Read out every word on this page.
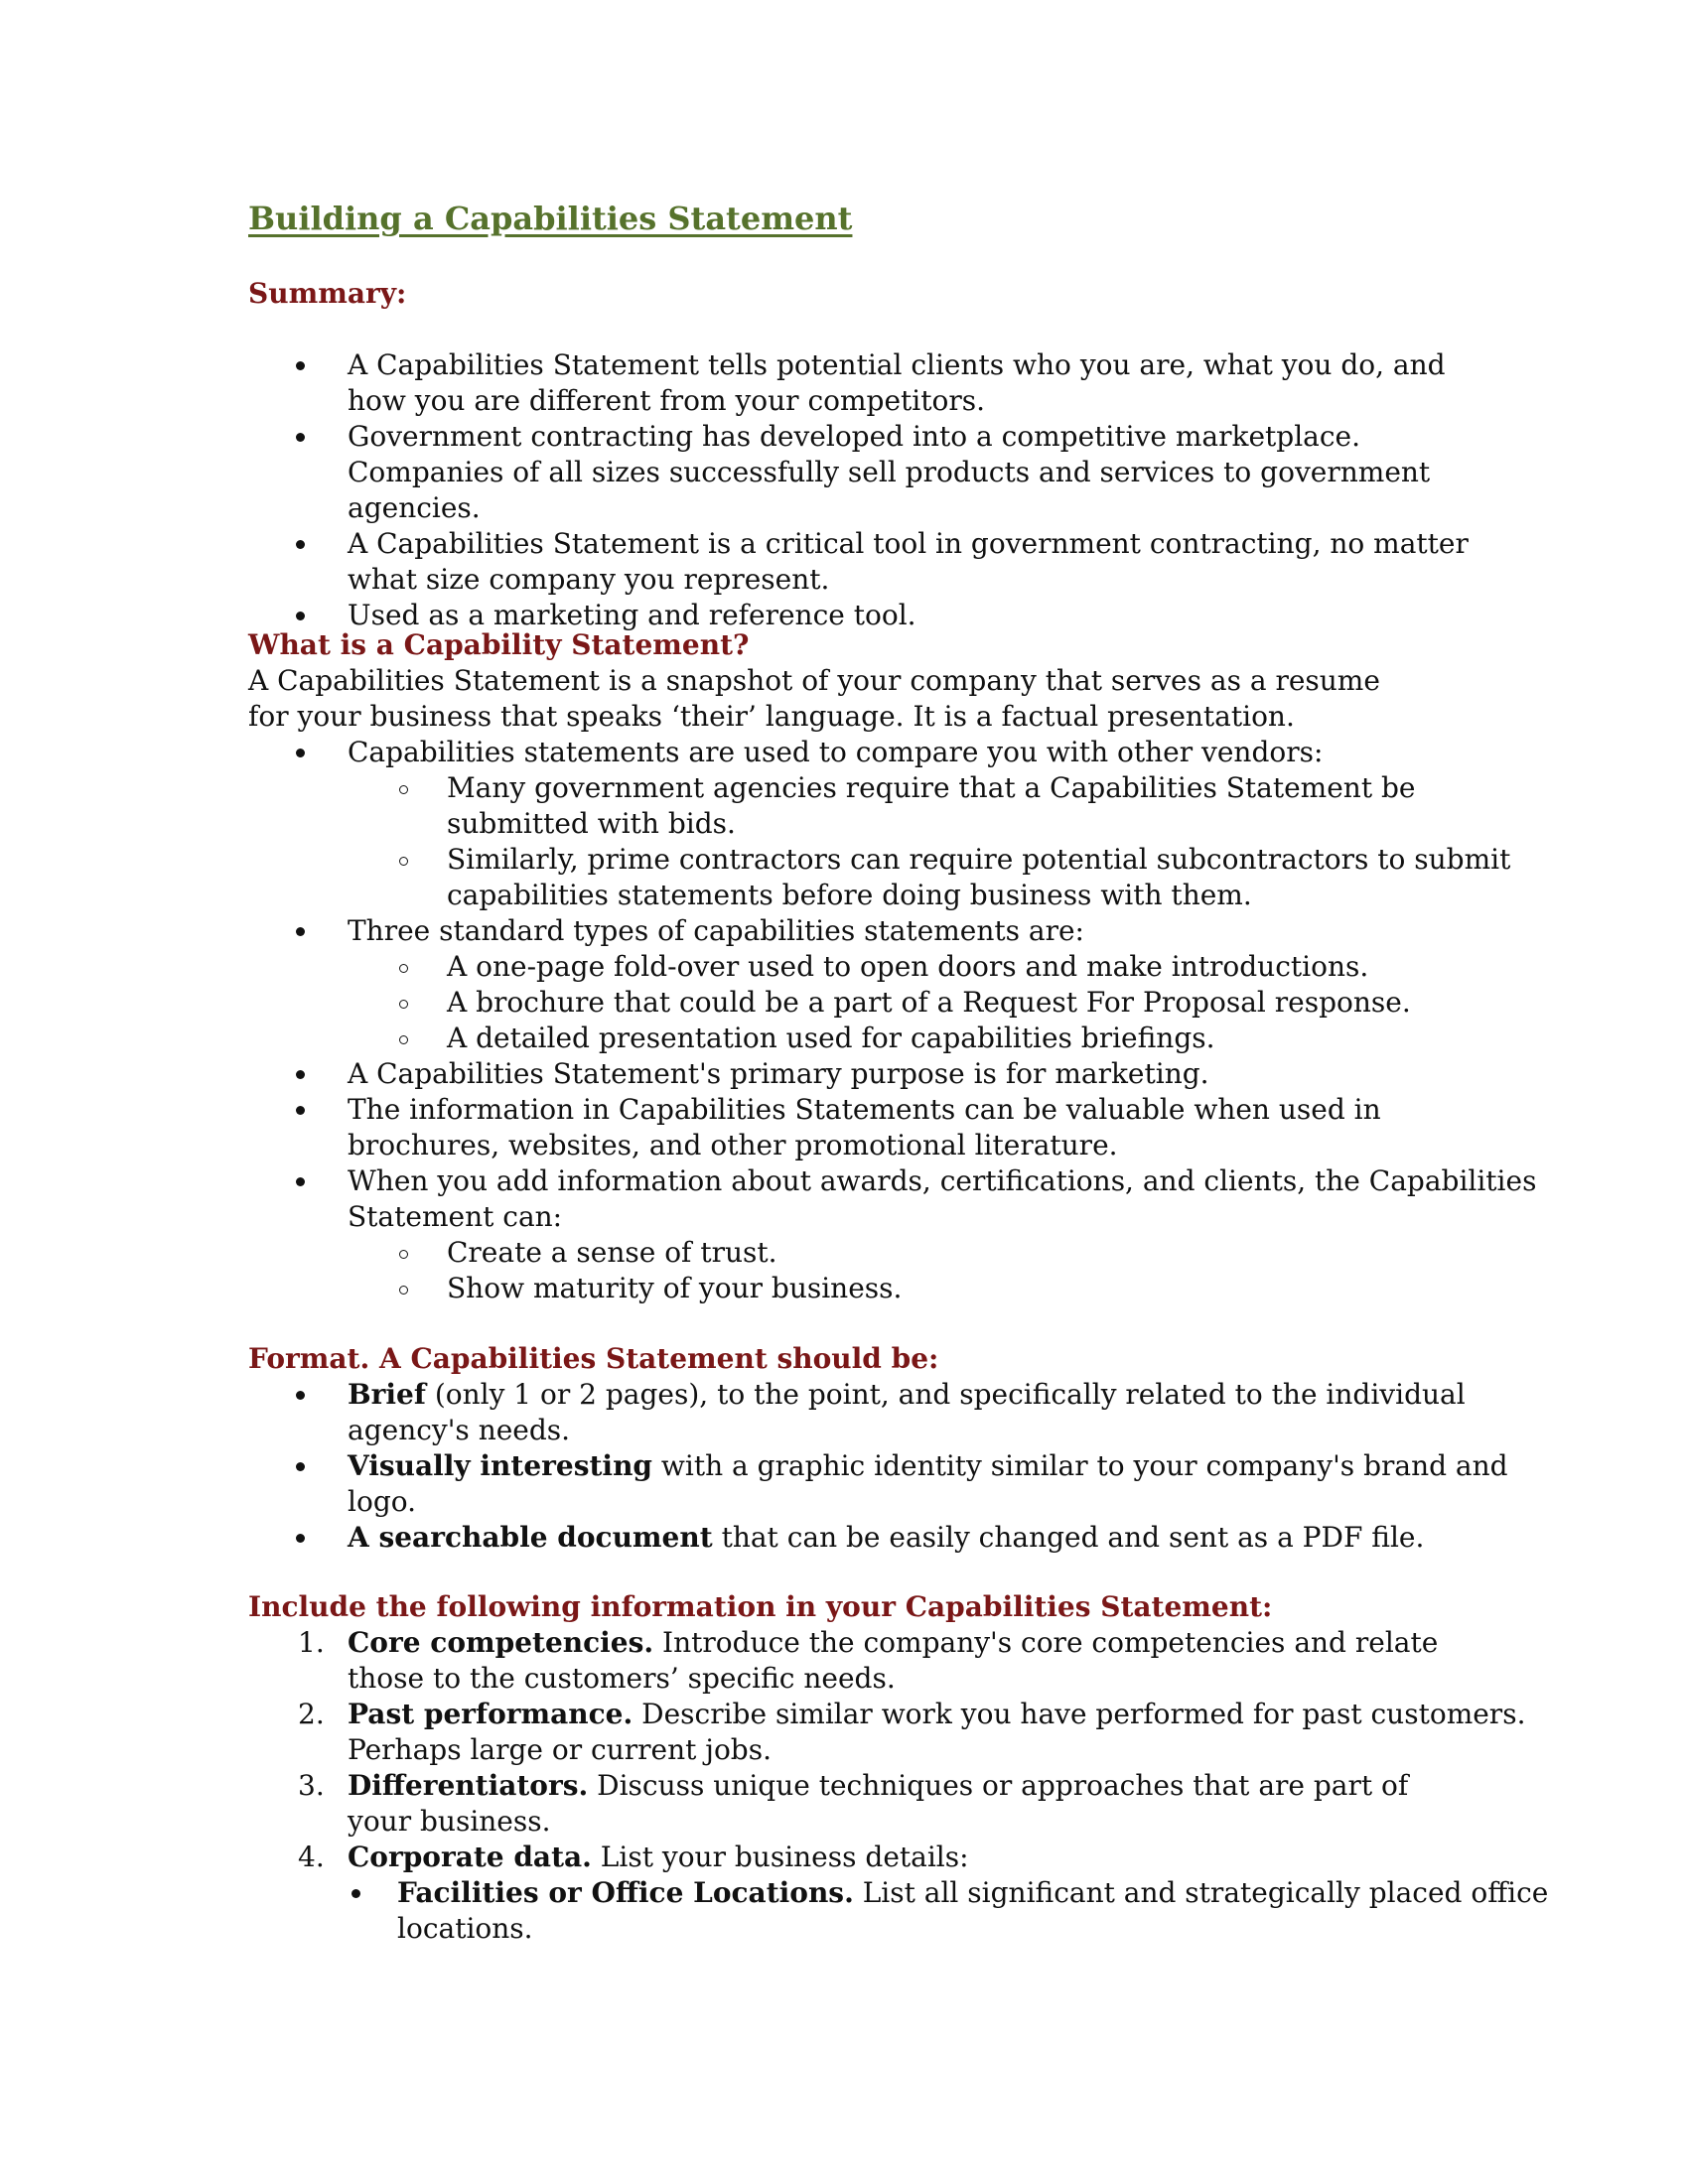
Building a Capabilities Statement
Summary:
A Capabilities Statement tells potential clients who you are, what you do, and how you are different from your competitors.
Government contracting has developed into a competitive marketplace. Companies of all sizes successfully sell products and services to government agencies.
A Capabilities Statement is a critical tool in government contracting, no matter what size company you represent.
Used as a marketing and reference tool.
What is a Capability Statement?

A Capabilities Statement is a snapshot of your company that serves as a resume for your business that speaks ‘their’ language. It is a factual presentation.

Capabilities statements are used to compare you with other vendors:
Many government agencies require that a Capabilities Statement be submitted with bids.
Similarly, prime contractors can require potential subcontractors to submit capabilities statements before doing business with them.
Three standard types of capabilities statements are:
A one-page fold-over used to open doors and make introductions.
A brochure that could be a part of a Request For Proposal response.
A detailed presentation used for capabilities briefings.
A Capabilities Statement's primary purpose is for marketing.
The information in Capabilities Statements can be valuable when used in brochures, websites, and other promotional literature.
When you add information about awards, certifications, and clients, the Capabilities Statement can:
Create a sense of trust.
Show maturity of your business.
Format. A Capabilities Statement should be:
Brief (only 1 or 2 pages), to the point, and specifically related to the individual agency's needs.
Visually interesting with a graphic identity similar to your company's brand and logo.
A searchable document that can be easily changed and sent as a PDF file.
Include the following information in your Capabilities Statement:
1. Core competencies. Introduce the company's core competencies and relate those to the customers’ specific needs.
2. Past performance. Describe similar work you have performed for past customers. Perhaps large or current jobs.
3. Differentiators. Discuss unique techniques or approaches that are part of your business.
4. Corporate data. List your business details:
Facilities or Office Locations. List all significant and strategically placed office locations.
